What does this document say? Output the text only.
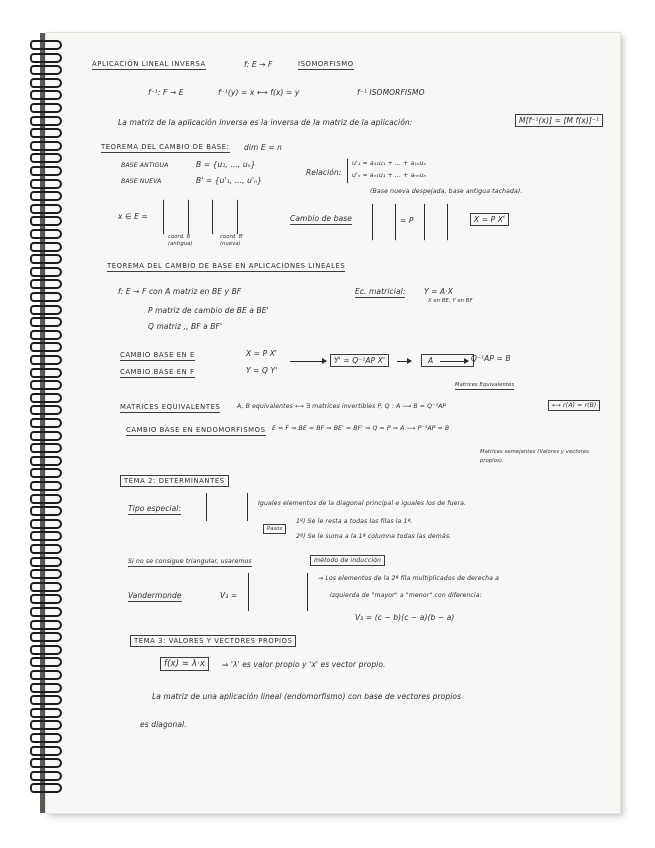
APLICACIÓN LINEAL INVERSA	f: E → F	ISOMORFISMO

f⁻¹: F → E	f⁻¹(y) = x ⟷ f(x) = y	f⁻¹ ISOMORFISMO

La matriz de la aplicación inversa es la inversa de la matriz de la aplicación:	M[f⁻¹(x)] = [M f(x)]⁻¹

TEOREMA DEL CAMBIO DE BASE: dim E = n

BASE ANTIGUA	B = {u₁, ..., uₙ}

BASE NUEVA	B' = {u'₁, ..., u'ₙ}

Relación:

u'₁ = a₁₁u₁ + ... + a₁ₙuₙ

u'ₙ = aₙ₁u₁ + ... + aₙₙuₙ

(Base nueva despejada, base antigua tachada).

x ∈ E =

coord. B (antigua)

coord. B' (nueva)

Cambio de base	= P	X = P X'

TEOREMA DEL CAMBIO DE BASE EN APLICACIONES LINEALES

f: E → F con A matriz en BE y BF	Ec. matricial: Y = A·X

X en BE, Y en BF

P matriz de cambio de BE a BE'

Q matriz ,, BF a BF'

CAMBIO BASE EN E	X = P X'

CAMBIO BASE EN F	Y = Q Y'

Y' = Q⁻¹AP X'	A	Q⁻¹AP = B

Matrices Equivalentes

MATRICES EQUIVALENTES	A, B equivalentes ⟷ ∃ matrices invertibles P, Q : A ⟶ B = Q⁻¹AP	⟷ r(A) = r(B)

CAMBIO BASE EN ENDOMORFISMOS E = F ⇒ BE = BF ⇒ BE' = BF' ⇒ Q = P ⇒ A ⟶ P⁻¹AP = B

Matrices semejantes (Valores y vectores propios).

TEMA 2: DETERMINANTES

Tipo especial:

Iguales elementos de la diagonal principal e iguales los de fuera.

Pasos

1º) Se le resta a todas las filas la 1ª.

2º) Se le suma a la 1ª columna todas las demás.

Si no se consigue triangular, usaremos	método de inducción

Vandermonde	V₃ =

→ Los elementos de la 2ª fila multiplicados de derecha a

izquierda de "mayor" a "menor" con diferencia:

V₃ = (c − b)(c − a)(b − a)

TEMA 3: VALORES Y VECTORES PROPIOS

f(x) = λ·x	⇒ 'λ' es valor propio y 'x' es vector propio.

La matriz de una aplicación lineal (endomorfismo) con base de vectores propios

es diagonal.
